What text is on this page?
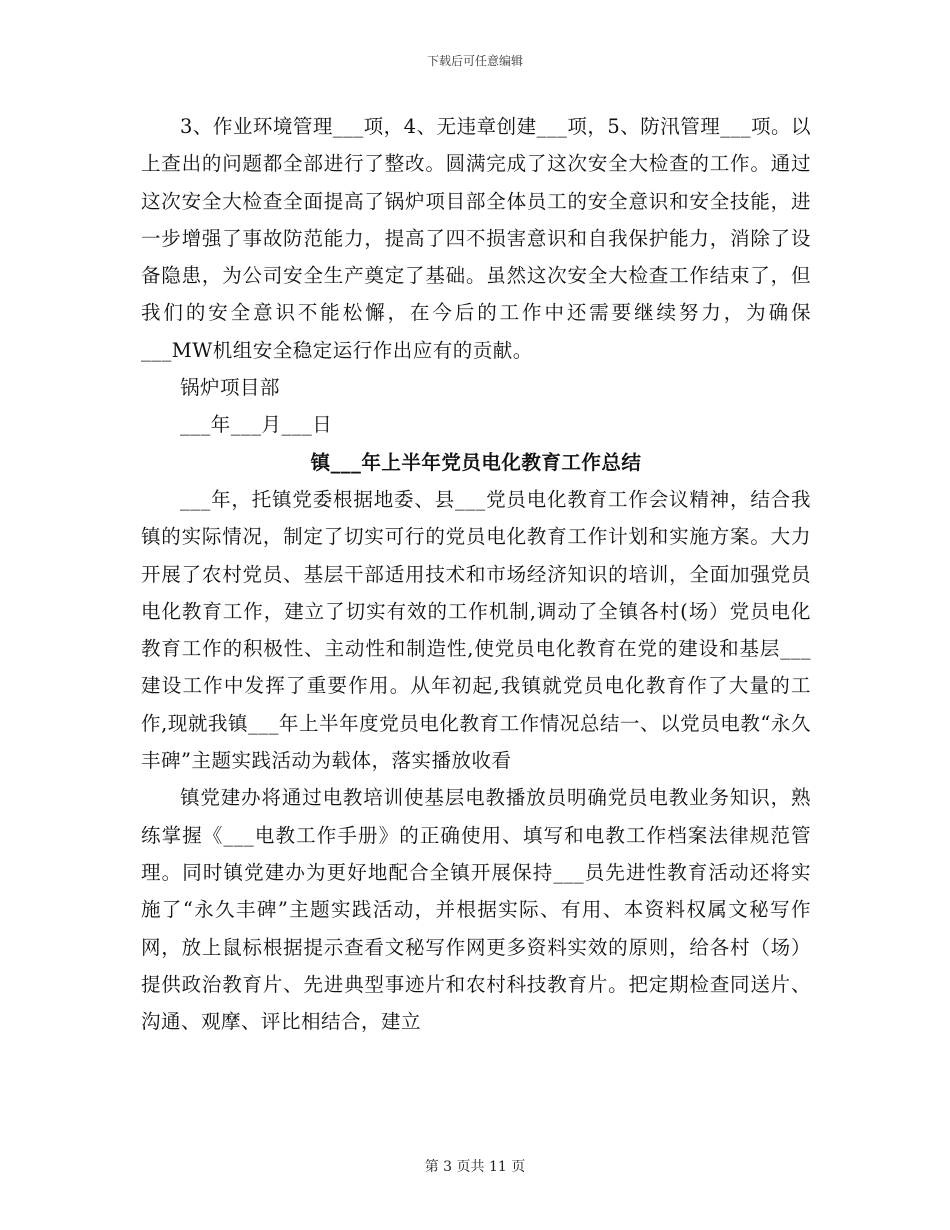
下载后可任意编辑

3、作业环境管理___项，4、无违章创建___项，5、防汛管理___项。以上查出的问题都全部进行了整改。圆满完成了这次安全大检查的工作。通过这次安全大检查全面提高了锅炉项目部全体员工的安全意识和安全技能，进一步增强了事故防范能力，提高了四不损害意识和自我保护能力，消除了设备隐患，为公司安全生产奠定了基础。虽然这次安全大检查工作结束了，但我们的安全意识不能松懈，在今后的工作中还需要继续努力，为确保___MW机组安全稳定运行作出应有的贡献。

锅炉项目部

___年___月___日

镇___年上半年党员电化教育工作总结

___年，托镇党委根据地委、县___党员电化教育工作会议精神，结合我镇的实际情况，制定了切实可行的党员电化教育工作计划和实施方案。大力开展了农村党员、基层干部适用技术和市场经济知识的培训，全面加强党员电化教育工作，建立了切实有效的工作机制,调动了全镇各村(场）党员电化教育工作的积极性、主动性和制造性,使党员电化教育在党的建设和基层___建设工作中发挥了重要作用。从年初起,我镇就党员电化教育作了大量的工作,现就我镇___年上半年度党员电化教育工作情况总结一、以党员电教“永久丰碑”主题实践活动为载体，落实播放收看

镇党建办将通过电教培训使基层电教播放员明确党员电教业务知识，熟练掌握《___电教工作手册》的正确使用、填写和电教工作档案法律规范管理。同时镇党建办为更好地配合全镇开展保持___员先进性教育活动还将实施了“永久丰碑”主题实践活动，并根据实际、有用、本资料权属文秘写作网，放上鼠标根据提示查看文秘写作网更多资料实效的原则，给各村（场）提供政治教育片、先进典型事迹片和农村科技教育片。把定期检查同送片、沟通、观摩、评比相结合，建立

第 3 页共 11 页
